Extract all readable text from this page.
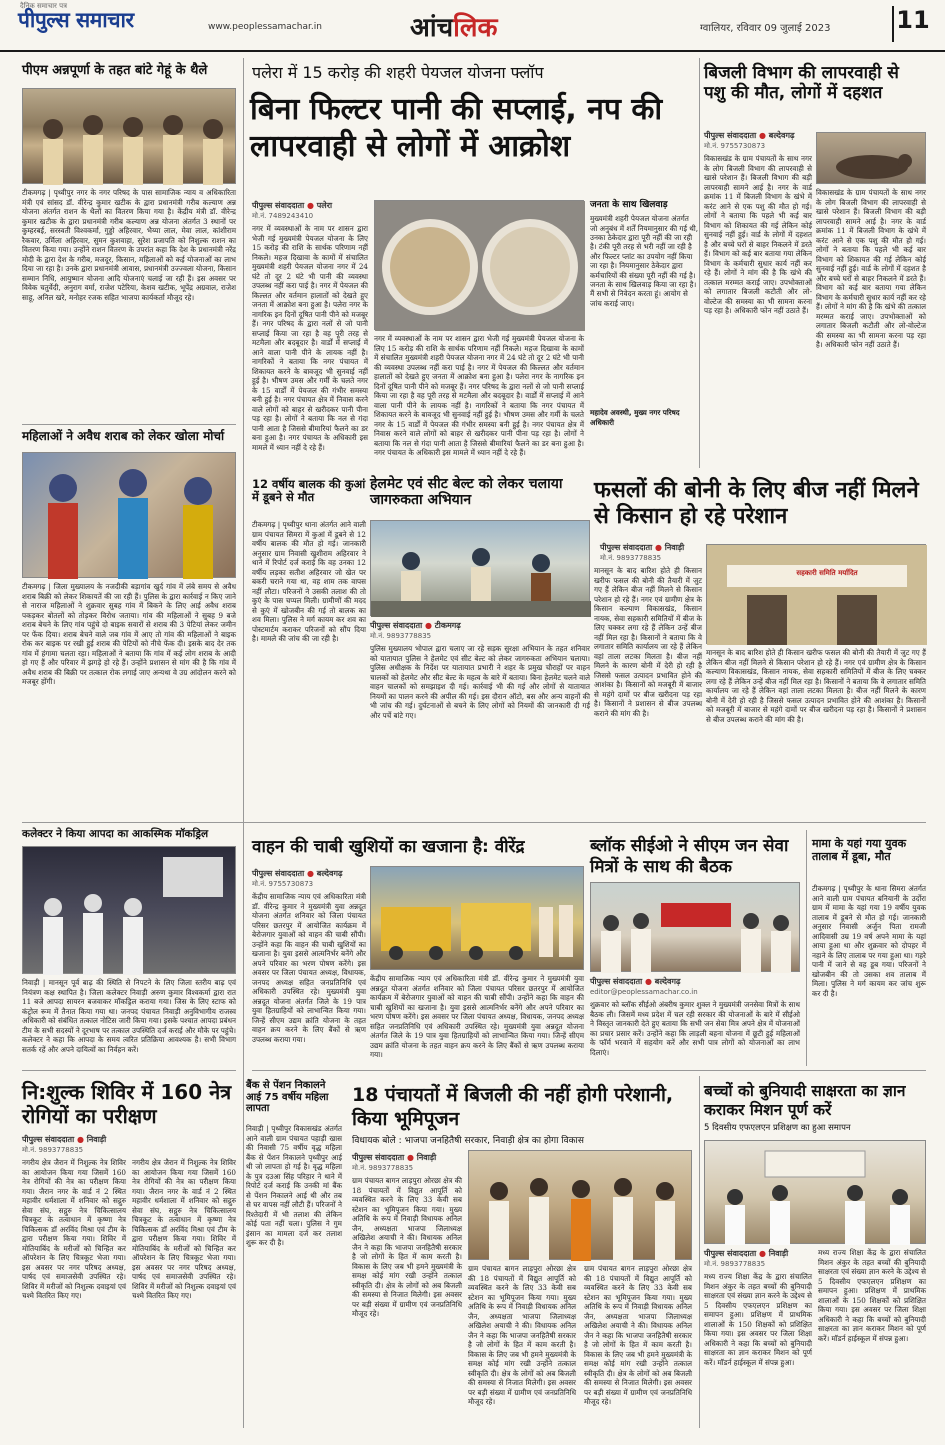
दैनिक समाचार पत्र
पीपुल्स समाचार	www.peoplessamachar.in	आंचलिक	ग्वालियर, रविवार 09 जुलाई 2023	11
पीएम अन्नपूर्णा के तहत बांटे गेहूं के थैले
टीकमगढ़ | पृथ्वीपुर नगर के नगर परिषद के पास सामाजिक न्याय व अधिकारिता मंत्री एवं सांसद डॉ. वीरेन्द्र कुमार खटीक के द्वारा प्रधानमंत्री गरीब कल्याण अन्न योजना अंतर्गत राशन के थैलों का वितरण किया गया है। केंद्रीय मंत्री डॉ. वीरेन्द्र कुमार खटीक के द्वारा प्रधानमंत्री गरीब कल्याण अन्न योजना अंतर्गत 3 स्थानों पर कुम्हरबई, सरस्वती विश्वकर्मा, गुड्डो अहिरवार, भैय्या लाल, मेवा लाल, कांशीराम रैकवार, उर्मिला अहिरवार, सुमन कुशवाहा, सुरेश प्रजापति को निशुल्क राशन का वितरण किया गया। उन्होंने राशन वितरण के उपरांत कहा कि देश के प्रधानमंत्री नरेंद्र मोदी के द्वारा देश के गरीब, मजदूर, किसान, महिलाओं को कई योजनाओं का लाभ दिया जा रहा है। उनके द्वारा प्रधानमंत्री आवास, प्रधानमंत्री उज्ज्वला योजना, किसान सम्मान निधि, आयुष्मान योजना आदि योजनाएं चलाई जा रही हैं। इस अवसर पर विवेक चतुर्वेदी, अनुराग वर्मा, राजेश पटेरिया, केशव खटीक, भूपेंद्र अग्रवाल, राजेश साहू, अनिल खरे, मनोहर रजक सहित भाजपा कार्यकर्ता मौजूद रहे।
महिलाओं ने अवैध शराब को लेकर खोला मोर्चा
टीकमगढ़ | जिला मुख्यालय के नजदीकी बड़ागांव खुर्द गांव में लंबे समय से अवैध शराब बिक्री को लेकर शिकायतें की जा रही हैं। पुलिस के द्वारा कार्रवाई न किए जाने से नाराज महिलाओं ने शुक्रवार सुबह गांव में बिकने के लिए आई अवैध शराब पकड़कर बोतलों को तोड़कर विरोध जताया। गांव की महिलाओं ने सुबह 9 बजे शराब बेचने के लिए गांव पहुंचे दो बाइक सवारों से शराब की 3 पेटियां लेकर जमीन पर फेंक दिया। शराब बेचने वाले जब गांव में आए तो गांव की महिलाओं ने बाइक रोक कर बाइक पर रखी हुई शराब की पेटियों को नीचे फेंक दी। इसके बाद देर तक गांव में हंगामा चलता रहा। महिलाओं ने बताया कि गांव में कई लोग शराब के आदी हो गए हैं और परिवार में झगड़े हो रहे हैं। उन्होंने प्रशासन से मांग की है कि गांव में अवैध शराब की बिक्री पर तत्काल रोक लगाई जाए अन्यथा वे उग्र आंदोलन करने को मजबूर होंगी।
पलेरा में 15 करोड़ की शहरी पेयजल योजना फ्लॉप
बिना फिल्टर पानी की सप्लाई, नप की लापरवाही से लोगों में आक्रोश
पीपुल्स संवाददाता ● पलेरा
मो.नं. 7489243410
नगर में व्यवस्थाओं के नाम पर शासन द्वारा भेजी गई मुख्यमंत्री पेयजल योजना के लिए 15 करोड़ की राशि के सार्थक परिणाम नहीं निकले। महज दिखावा के कामों में संचालित मुख्यमंत्री शहरी पेयजल योजना नगर में 24 घंटे तो दूर 2 घंटे भी पानी की व्यवस्था उपलब्ध नहीं करा पाई है। नगर में पेयजल की किल्लत और वर्तमान हालातों को देखते हुए जनता में आक्रोश बना हुआ है। पलेरा नगर के नागरिक इन दिनों दूषित पानी पीने को मजबूर हैं। नगर परिषद के द्वारा नलों से जो पानी सप्लाई किया जा रहा है वह पूरी तरह से मटमैला और बदबूदार है। वार्डों में सप्लाई में आने वाला पानी पीने के लायक नहीं है। नागरिकों ने बताया कि नगर पंचायत में शिकायत करने के बावजूद भी सुनवाई नहीं हुई है। भीषण उमस और गर्मी के चलते नगर के 15 वार्डों में पेयजल की गंभीर समस्या बनी हुई है। नगर पंचायत क्षेत्र में निवास करने वाले लोगों को बाहर से खरीदकर पानी पीना पड़ रहा है। लोगों ने बताया कि नल से गंदा पानी आता है जिससे बीमारियां फैलने का डर बना हुआ है। नगर पंचायत के अधिकारी इस मामले में ध्यान नहीं दे रहे हैं।
नगर में व्यवस्थाओं के नाम पर शासन द्वारा भेजी गई मुख्यमंत्री पेयजल योजना के लिए 15 करोड़ की राशि के सार्थक परिणाम नहीं निकले। महज दिखावा के कामों में संचालित मुख्यमंत्री शहरी पेयजल योजना नगर में 24 घंटे तो दूर 2 घंटे भी पानी की व्यवस्था उपलब्ध नहीं करा पाई है। नगर में पेयजल की किल्लत और वर्तमान हालातों को देखते हुए जनता में आक्रोश बना हुआ है। पलेरा नगर के नागरिक इन दिनों दूषित पानी पीने को मजबूर हैं। नगर परिषद के द्वारा नलों से जो पानी सप्लाई किया जा रहा है वह पूरी तरह से मटमैला और बदबूदार है। वार्डों में सप्लाई में आने वाला पानी पीने के लायक नहीं है। नागरिकों ने बताया कि नगर पंचायत में शिकायत करने के बावजूद भी सुनवाई नहीं हुई है। भीषण उमस और गर्मी के चलते नगर के 15 वार्डों में पेयजल की गंभीर समस्या बनी हुई है। नगर पंचायत क्षेत्र में निवास करने वाले लोगों को बाहर से खरीदकर पानी पीना पड़ रहा है। लोगों ने बताया कि नल से गंदा पानी आता है जिससे बीमारियां फैलने का डर बना हुआ है। नगर पंचायत के अधिकारी इस मामले में ध्यान नहीं दे रहे हैं।
जनता के साथ खिलवाड़
मुख्यमंत्री शहरी पेयजल योजना अंतर्गत जो अनुबंध में शर्तें नियमानुसार की गई थी, उनका ठेकेदार द्वारा पूरी नहीं की जा रही है। टंकी पूरी तरह से भरी नहीं जा रही है और फिल्टर प्लांट का उपयोग नहीं किया जा रहा है। नियमानुसार ठेकेदार द्वारा कर्मचारियों की संख्या पूरी नहीं की गई है। जनता के साथ खिलवाड़ किया जा रहा है। मैं सभी से निवेदन करता हूं। आयोग से जांच कराई जाए।
महादेव अवस्थी, मुख्य नगर परिषद अधिकारी
बिजली विभाग की लापरवाही से पशु की मौत, लोगों में दहशत
पीपुल्स संवाददाता ● बल्देवगढ़
मो.नं. 9755730873
विकासखंड के ग्राम पंचायतों के साथ नगर के लोग बिजली विभाग की लापरवाही से खासे परेशान हैं। बिजली विभाग की बड़ी लापरवाही सामने आई है। नगर के वार्ड क्रमांक 11 में बिजली विभाग के खंभे में करंट आने से एक पशु की मौत हो गई। लोगों ने बताया कि पहले भी कई बार विभाग को शिकायत की गई लेकिन कोई सुनवाई नहीं हुई। वार्ड के लोगों में दहशत है और बच्चे घरों से बाहर निकलने में डरते हैं। विभाग को कई बार बताया गया लेकिन विभाग के कर्मचारी सुधार कार्य नहीं कर रहे हैं। लोगों ने मांग की है कि खंभे की तत्काल मरम्मत कराई जाए। उपभोक्ताओं को लगातार बिजली कटौती और लो-वोल्टेज की समस्या का भी सामना करना पड़ रहा है। अधिकारी फोन नहीं उठाते हैं।
विकासखंड के ग्राम पंचायतों के साथ नगर के लोग बिजली विभाग की लापरवाही से खासे परेशान हैं। बिजली विभाग की बड़ी लापरवाही सामने आई है। नगर के वार्ड क्रमांक 11 में बिजली विभाग के खंभे में करंट आने से एक पशु की मौत हो गई। लोगों ने बताया कि पहले भी कई बार विभाग को शिकायत की गई लेकिन कोई सुनवाई नहीं हुई। वार्ड के लोगों में दहशत है और बच्चे घरों से बाहर निकलने में डरते हैं। विभाग को कई बार बताया गया लेकिन विभाग के कर्मचारी सुधार कार्य नहीं कर रहे हैं। लोगों ने मांग की है कि खंभे की तत्काल मरम्मत कराई जाए। उपभोक्ताओं को लगातार बिजली कटौती और लो-वोल्टेज की समस्या का भी सामना करना पड़ रहा है। अधिकारी फोन नहीं उठाते हैं।
12 वर्षीय बालक की कुआं में डूबने से मौत
टीकमगढ़ | पृथ्वीपुर थाना अंतर्गत आने वाली ग्राम पंचायत सिमरा में कुआं में डूबने से 12 वर्षीय बालक की मौत हो गई। जानकारी अनुसार ग्राम निवासी खुशीराम अहिरवार ने थाने में रिपोर्ट दर्ज कराई कि वह उनका 12 वर्षीय लड़का सतीश अहिरवार जो खेत पर बकरी चराने गया था, वह शाम तक वापस नहीं लौटा। परिजनों ने उसकी तलाश की तो कुएं के पास चप्पल मिली। ग्रामीणों की मदद से कुएं में खोजबीन की गई तो बालक का शव मिला। पुलिस ने मर्ग कायम कर शव का पोस्टमार्टम कराकर परिजनों को सौंप दिया है। मामले की जांच की जा रही है।
हेलमेट एवं सीट बेल्ट को लेकर चलाया जागरुकता अभियान
पीपुल्स संवाददाता ● टीकमगढ़
मो.नं. 9893778835
पुलिस मुख्यालय भोपाल द्वारा चलाए जा रहे सड़क सुरक्षा अभियान के तहत शनिवार को यातायात पुलिस ने हेलमेट एवं सीट बेल्ट को लेकर जागरुकता अभियान चलाया। पुलिस अधीक्षक के निर्देश पर यातायात प्रभारी ने शहर के प्रमुख चौराहों पर वाहन चालकों को हेलमेट और सीट बेल्ट के महत्व के बारे में बताया। बिना हेलमेट चलने वाले वाहन चालकों को समझाइश दी गई। कार्रवाई भी की गई और लोगों से यातायात नियमों का पालन करने की अपील की गई। इस दौरान ऑटो, बस और अन्य वाहनों की भी जांच की गई। दुर्घटनाओं से बचने के लिए लोगों को नियमों की जानकारी दी गई और पर्चे बांटे गए।
फसलों की बोनी के लिए बीज नहीं मिलने से किसान हो रहे परेशान
पीपुल्स संवाददाता ● निवाड़ी
मो.नं. 9893778835
मानसून के बाद बारिश होते ही किसान खरीफ फसल की बोनी की तैयारी में जुट गए हैं लेकिन बीज नहीं मिलने से किसान परेशान हो रहे हैं। नगर एवं ग्रामीण क्षेत्र के किसान कल्याण विकासखंड, किसान नायक, सेवा सहकारी समितियों में बीज के लिए चक्कर लगा रहे हैं लेकिन उन्हें बीज नहीं मिल रहा है। किसानों ने बताया कि वे लगातार समिति कार्यालय जा रहे हैं लेकिन वहां ताला लटका मिलता है। बीज नहीं मिलने के कारण बोनी में देरी हो रही है जिससे फसल उत्पादन प्रभावित होने की आशंका है। किसानों को मजबूरी में बाजार से महंगे दामों पर बीज खरीदना पड़ रहा है। किसानों ने प्रशासन से बीज उपलब्ध कराने की मांग की है।
सहकारी समिति मर्यादित
मानसून के बाद बारिश होते ही किसान खरीफ फसल की बोनी की तैयारी में जुट गए हैं लेकिन बीज नहीं मिलने से किसान परेशान हो रहे हैं। नगर एवं ग्रामीण क्षेत्र के किसान कल्याण विकासखंड, किसान नायक, सेवा सहकारी समितियों में बीज के लिए चक्कर लगा रहे हैं लेकिन उन्हें बीज नहीं मिल रहा है। किसानों ने बताया कि वे लगातार समिति कार्यालय जा रहे हैं लेकिन वहां ताला लटका मिलता है। बीज नहीं मिलने के कारण बोनी में देरी हो रही है जिससे फसल उत्पादन प्रभावित होने की आशंका है। किसानों को मजबूरी में बाजार से महंगे दामों पर बीज खरीदना पड़ रहा है। किसानों ने प्रशासन से बीज उपलब्ध कराने की मांग की है।
कलेक्टर ने किया आपदा का आकस्मिक मॉकड्रिल
निवाड़ी | मानसून पूर्व बाढ़ की स्थिति से निपटने के लिए जिला स्तरीय बाढ़ एवं नियंत्रण कक्ष स्थापित है। जिला कलेक्टर निवाड़ी अरुण कुमार विश्वकर्मा द्वारा रात 11 बजे आपदा सायरन बजवाकर मॉकड्रिल कराया गया। जिस के लिए स्टाफ को कंट्रोल रूम में तैनात किया गया था। जनपद पंचायत निवाड़ी अनुविभागीय राजस्व अधिकारी को संबंधित तत्काल नोटिस जारी किया गया। इसके पश्चात आपदा प्रबंधन टीम के सभी सदस्यों ने दूरभाष पर तत्काल उपस्थिति दर्ज कराई और मौके पर पहुंचे। कलेक्टर ने कहा कि आपदा के समय त्वरित प्रतिक्रिया आवश्यक है। सभी विभाग सतर्क रहें और अपने दायित्वों का निर्वहन करें।
वाहन की चाबी खुशियों का खजाना है: वीरेंद्र
पीपुल्स संवाददाता ● बल्देवगढ़
मो.नं. 9755730873
केंद्रीय सामाजिक न्याय एवं अधिकारिता मंत्री डॉ. वीरेन्द्र कुमार ने मुख्यमंत्री युवा अन्नदूत योजना अंतर्गत शनिवार को जिला पंचायत परिसर छतरपुर में आयोजित कार्यक्रम में बेरोजगार युवाओं को वाहन की चाबी सौंपी। उन्होंने कहा कि वाहन की चाबी खुशियों का खजाना है। युवा इससे आत्मनिर्भर बनेंगे और अपने परिवार का भरण पोषण करेंगे। इस अवसर पर जिला पंचायत अध्यक्ष, विधायक, जनपद अध्यक्ष सहित जनप्रतिनिधि एवं अधिकारी उपस्थित रहे। मुख्यमंत्री युवा अन्नदूत योजना अंतर्गत जिले के 19 पात्र युवा हितग्राहियों को लाभान्वित किया गया। जिन्हें सीएम उद्यम क्रांति योजना के तहत वाहन क्रय करने के लिए बैंकों से ऋण उपलब्ध कराया गया।
केंद्रीय सामाजिक न्याय एवं अधिकारिता मंत्री डॉ. वीरेन्द्र कुमार ने मुख्यमंत्री युवा अन्नदूत योजना अंतर्गत शनिवार को जिला पंचायत परिसर छतरपुर में आयोजित कार्यक्रम में बेरोजगार युवाओं को वाहन की चाबी सौंपी। उन्होंने कहा कि वाहन की चाबी खुशियों का खजाना है। युवा इससे आत्मनिर्भर बनेंगे और अपने परिवार का भरण पोषण करेंगे। इस अवसर पर जिला पंचायत अध्यक्ष, विधायक, जनपद अध्यक्ष सहित जनप्रतिनिधि एवं अधिकारी उपस्थित रहे। मुख्यमंत्री युवा अन्नदूत योजना अंतर्गत जिले के 19 पात्र युवा हितग्राहियों को लाभान्वित किया गया। जिन्हें सीएम उद्यम क्रांति योजना के तहत वाहन क्रय करने के लिए बैंकों से ऋण उपलब्ध कराया गया।
ब्लॉक सीईओ ने सीएम जन सेवा मित्रों के साथ की बैठक
पीपुल्स संवाददाता ● बल्देवगढ़
editor@peoplessamachar.co.in
शुक्रवार को ब्लॉक सीईओ अंबरीष कुमार शुक्ल ने मुख्यमंत्री जनसेवा मित्रों के साथ बैठक ली। जिसमें मध्य प्रदेश में चल रही सरकार की योजनाओं के बारे में सीईओ ने विस्तृत जानकारी देते हुए बताया कि सभी जन सेवा मित्र अपने क्षेत्र में योजनाओं का प्रचार प्रसार करें। उन्होंने कहा कि लाड़ली बहना योजना में छूटी हुई महिलाओं के फॉर्म भरवाने में सहयोग करें और सभी पात्र लोगों को योजनाओं का लाभ दिलाएं।
मामा के यहां गया युवक तालाब में डूबा, मौत
टीकमगढ़ | पृथ्वीपुर के थाना सिमरा अंतर्गत आने वाली ग्राम पंचायत बनियानी के उर्दोरा ग्राम में मामा के यहां गया 19 वर्षीय युवक तालाब में डूबने से मौत हो गई। जानकारी अनुसार निवासी अर्जुन पिता रामजी आदिवासी उम्र 19 वर्ष अपने मामा के यहां आया हुआ था और शुक्रवार को दोपहर में नहाने के लिए तालाब पर गया हुआ था। गहरे पानी में जाने से वह डूब गया। परिजनों ने खोजबीन की तो उसका शव तालाब में मिला। पुलिस ने मर्ग कायम कर जांच शुरू कर दी है।
नि:शुल्क शिविर में 160 नेत्र रोगियों का परीक्षण
पीपुल्स संवाददाता ● निवाड़ी
मो.नं. 9893778835
नगरीय क्षेत्र जैरान में निशुल्क नेत्र शिविर का आयोजन किया गया जिसमें 160 नेत्र रोगियों की नेत्र का परीक्षण किया गया। जैरान नगर के वार्ड नं 2 स्थित महावीर धर्मशाला में शनिवार को सद्गुरु सेवा संघ, सद्गुरु नेत्र चिकित्सालय चित्रकूट के तत्वाधान में कृष्णा नेत्र चिकित्सक डॉ अरविंद मिश्रा एवं टीम के द्वारा परीक्षण किया गया। शिविर में मोतियाबिंद के मरीजों को चिन्हित कर ऑपरेशन के लिए चित्रकूट भेजा गया। इस अवसर पर नगर परिषद अध्यक्ष, पार्षद एवं समाजसेवी उपस्थित रहे। शिविर में मरीजों को निशुल्क दवाइयां एवं चश्मे वितरित किए गए।
नगरीय क्षेत्र जैरान में निशुल्क नेत्र शिविर का आयोजन किया गया जिसमें 160 नेत्र रोगियों की नेत्र का परीक्षण किया गया। जैरान नगर के वार्ड नं 2 स्थित महावीर धर्मशाला में शनिवार को सद्गुरु सेवा संघ, सद्गुरु नेत्र चिकित्सालय चित्रकूट के तत्वाधान में कृष्णा नेत्र चिकित्सक डॉ अरविंद मिश्रा एवं टीम के द्वारा परीक्षण किया गया। शिविर में मोतियाबिंद के मरीजों को चिन्हित कर ऑपरेशन के लिए चित्रकूट भेजा गया। इस अवसर पर नगर परिषद अध्यक्ष, पार्षद एवं समाजसेवी उपस्थित रहे। शिविर में मरीजों को निशुल्क दवाइयां एवं चश्मे वितरित किए गए।
बैंक से पेंशन निकालने आई 75 वर्षीय महिला लापता
निवाड़ी | पृथ्वीपुर विकासखंड अंतर्गत आने वाली ग्राम पंचायत पहाड़ी खास की निवासी 75 वर्षीय वृद्ध महिला बैंक से पेंशन निकालने पृथ्वीपुर आई थी जो लापता हो गई है। वृद्ध महिला के पुत्र दउआ सिंह परिहार ने थाने में रिपोर्ट दर्ज कराई कि उनकी मां बैंक से पेंशन निकालने आई थी और तब से घर वापस नहीं लौटी हैं। परिजनों ने रिश्तेदारी में भी तलाश की लेकिन कोई पता नहीं चला। पुलिस ने गुम इंसान का मामला दर्ज कर तलाश शुरू कर दी है।
18 पंचायतों में बिजली की नहीं होगी परेशानी, किया भूमिपूजन
विधायक बोले : भाजपा जनहितैषी सरकार, निवाड़ी क्षेत्र का होगा विकास
पीपुल्स संवाददाता ● निवाड़ी
मो.नं. 9893778835
ग्राम पंचायत बागन लाड़पुरा ओरछा क्षेत्र की 18 पंचायतों में विद्युत आपूर्ति को व्यवस्थित करने के लिए 33 केवी सब स्टेशन का भूमिपूजन किया गया। मुख्य अतिथि के रूप में निवाड़ी विधायक अनिल जैन, अध्यक्षता भाजपा जिलाध्यक्ष अखिलेश अयाची ने की। विधायक अनिल जैन ने कहा कि भाजपा जनहितैषी सरकार है जो लोगों के हित में काम करती है। विकास के लिए जब भी हमने मुख्यमंत्री के समक्ष कोई मांग रखी उन्होंने तत्काल स्वीकृति दी। क्षेत्र के लोगों को अब बिजली की समस्या से निजात मिलेगी। इस अवसर पर बड़ी संख्या में ग्रामीण एवं जनप्रतिनिधि मौजूद रहे।
ग्राम पंचायत बागन लाड़पुरा ओरछा क्षेत्र की 18 पंचायतों में विद्युत आपूर्ति को व्यवस्थित करने के लिए 33 केवी सब स्टेशन का भूमिपूजन किया गया। मुख्य अतिथि के रूप में निवाड़ी विधायक अनिल जैन, अध्यक्षता भाजपा जिलाध्यक्ष अखिलेश अयाची ने की। विधायक अनिल जैन ने कहा कि भाजपा जनहितैषी सरकार है जो लोगों के हित में काम करती है। विकास के लिए जब भी हमने मुख्यमंत्री के समक्ष कोई मांग रखी उन्होंने तत्काल स्वीकृति दी। क्षेत्र के लोगों को अब बिजली की समस्या से निजात मिलेगी। इस अवसर पर बड़ी संख्या में ग्रामीण एवं जनप्रतिनिधि मौजूद रहे।
ग्राम पंचायत बागन लाड़पुरा ओरछा क्षेत्र की 18 पंचायतों में विद्युत आपूर्ति को व्यवस्थित करने के लिए 33 केवी सब स्टेशन का भूमिपूजन किया गया। मुख्य अतिथि के रूप में निवाड़ी विधायक अनिल जैन, अध्यक्षता भाजपा जिलाध्यक्ष अखिलेश अयाची ने की। विधायक अनिल जैन ने कहा कि भाजपा जनहितैषी सरकार है जो लोगों के हित में काम करती है। विकास के लिए जब भी हमने मुख्यमंत्री के समक्ष कोई मांग रखी उन्होंने तत्काल स्वीकृति दी। क्षेत्र के लोगों को अब बिजली की समस्या से निजात मिलेगी। इस अवसर पर बड़ी संख्या में ग्रामीण एवं जनप्रतिनिधि मौजूद रहे।
बच्चों को बुनियादी साक्षरता का ज्ञान कराकर मिशन पूर्ण करें
5 दिवसीय एफएलएन प्रशिक्षण का हुआ समापन
पीपुल्स संवाददाता ● निवाड़ी
मो.नं. 9893778835
मध्य राज्य शिक्षा केंद्र के द्वारा संचालित मिशन अंकुर के तहत बच्चों की बुनियादी साक्षरता एवं संख्या ज्ञान करने के उद्देश्य से 5 दिवसीय एफएलएन प्रशिक्षण का समापन हुआ। प्रशिक्षण में प्राथमिक शालाओं के 150 शिक्षकों को प्रशिक्षित किया गया। इस अवसर पर जिला शिक्षा अधिकारी ने कहा कि बच्चों को बुनियादी साक्षरता का ज्ञान कराकर मिशन को पूर्ण करें। मॉडर्न हाईस्कूल में संपन्न हुआ।
मध्य राज्य शिक्षा केंद्र के द्वारा संचालित मिशन अंकुर के तहत बच्चों की बुनियादी साक्षरता एवं संख्या ज्ञान करने के उद्देश्य से 5 दिवसीय एफएलएन प्रशिक्षण का समापन हुआ। प्रशिक्षण में प्राथमिक शालाओं के 150 शिक्षकों को प्रशिक्षित किया गया। इस अवसर पर जिला शिक्षा अधिकारी ने कहा कि बच्चों को बुनियादी साक्षरता का ज्ञान कराकर मिशन को पूर्ण करें। मॉडर्न हाईस्कूल में संपन्न हुआ।
